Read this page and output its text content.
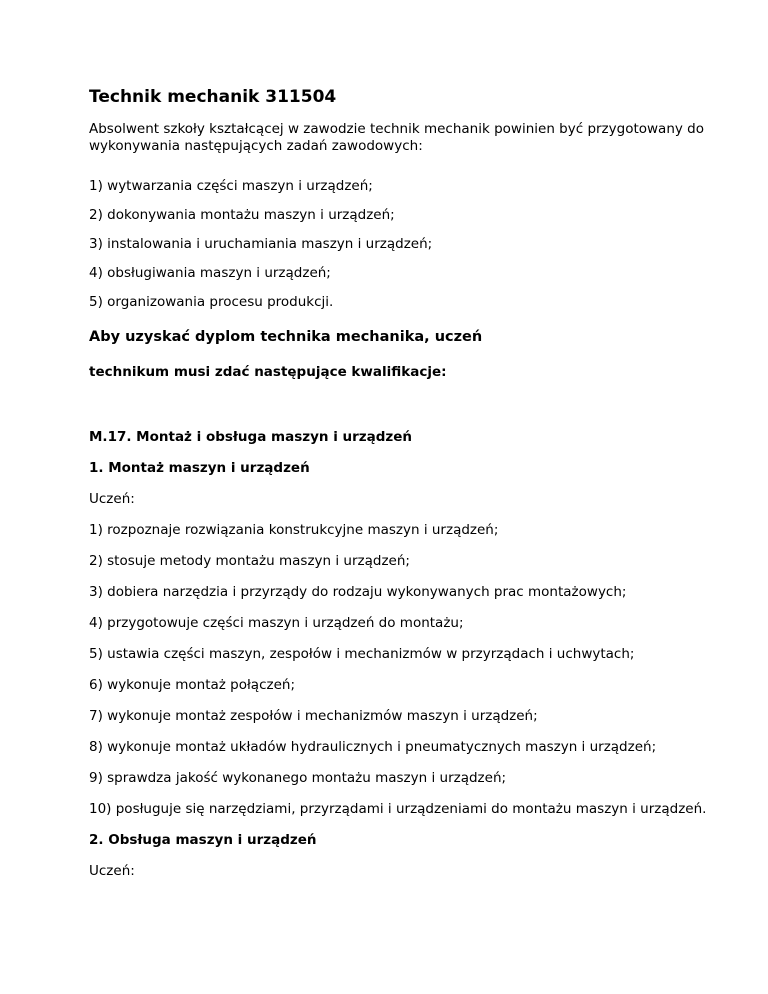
Technik mechanik 311504

Absolwent szkoły kształcącej w zawodzie technik mechanik powinien być przygotowany do

wykonywania następujących zadań zawodowych:

1) wytwarzania części maszyn i urządzeń;

2) dokonywania montażu maszyn i urządzeń;

3) instalowania i uruchamiania maszyn i urządzeń;

4) obsługiwania maszyn i urządzeń;

5) organizowania procesu produkcji.

Aby uzyskać dyplom technika mechanika, uczeń

technikum musi zdać następujące kwalifikacje:

M.17. Montaż i obsługa maszyn i urządzeń

1. Montaż maszyn i urządzeń

Uczeń:

1) rozpoznaje rozwiązania konstrukcyjne maszyn i urządzeń;

2) stosuje metody montażu maszyn i urządzeń;

3) dobiera narzędzia i przyrządy do rodzaju wykonywanych prac montażowych;

4) przygotowuje części maszyn i urządzeń do montażu;

5) ustawia części maszyn, zespołów i mechanizmów w przyrządach i uchwytach;

6) wykonuje montaż połączeń;

7) wykonuje montaż zespołów i mechanizmów maszyn i urządzeń;

8) wykonuje montaż układów hydraulicznych i pneumatycznych maszyn i urządzeń;

9) sprawdza jakość wykonanego montażu maszyn i urządzeń;

10) posługuje się narzędziami, przyrządami i urządzeniami do montażu maszyn i urządzeń.

2. Obsługa maszyn i urządzeń

Uczeń:
